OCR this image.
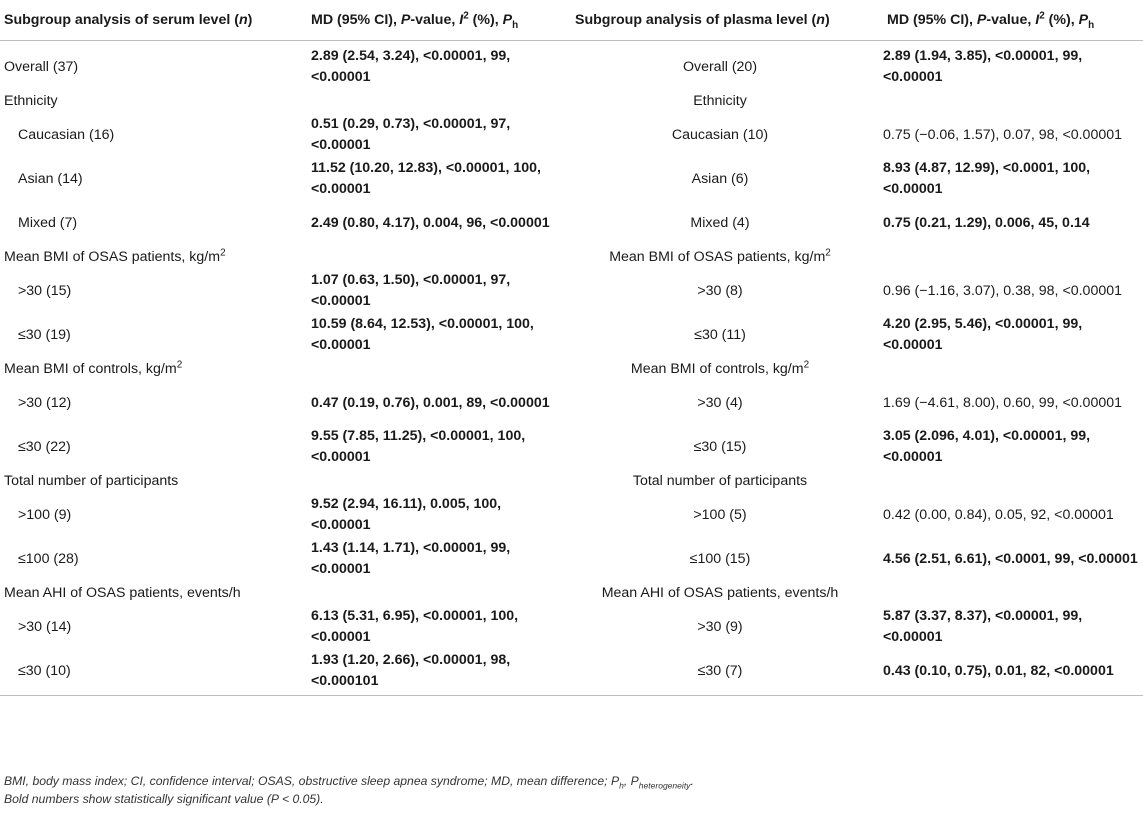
Subgroup analysis of serum level (n)	MD (95% CI), P-value, $I^2$ (%), $P_h$	Subgroup analysis of plasma level (n)	MD (95% CI), P-value, $I^2$ (%), $P_h$
Overall (37)	2.89 (2.54, 3.24), <0.00001, 99, <0.00001	Overall (20)	2.89 (1.94, 3.85), <0.00001, 99, <0.00001
Ethnicity		Ethnicity	
Caucasian (16)	0.51 (0.29, 0.73), <0.00001, 97, <0.00001	Caucasian (10)	0.75 (−0.06, 1.57), 0.07, 98, <0.00001
Asian (14)	11.52 (10.20, 12.83), <0.00001, 100, <0.00001	Asian (6)	8.93 (4.87, 12.99), <0.0001, 100, <0.00001
Mixed (7)	2.49 (0.80, 4.17), 0.004, 96, <0.00001	Mixed (4)	0.75 (0.21, 1.29), 0.006, 45, 0.14
Mean BMI of OSAS patients, $kg/m^2$		Mean BMI of OSAS patients, $kg/m^2$	
>30 (15)	1.07 (0.63, 1.50), <0.00001, 97, <0.00001	>30 (8)	0.96 (−1.16, 3.07), 0.38, 98, <0.00001
≤30 (19)	10.59 (8.64, 12.53), <0.00001, 100, <0.00001	≤30 (11)	4.20 (2.95, 5.46), <0.00001, 99, <0.00001
Mean BMI of controls, $kg/m^2$		Mean BMI of controls, $kg/m^2$	
>30 (12)	0.47 (0.19, 0.76), 0.001, 89, <0.00001	>30 (4)	1.69 (−4.61, 8.00), 0.60, 99, <0.00001
≤30 (22)	9.55 (7.85, 11.25), <0.00001, 100, <0.00001	≤30 (15)	3.05 (2.096, 4.01), <0.00001, 99, <0.00001
Total number of participants		Total number of participants	
>100 (9)	9.52 (2.94, 16.11), 0.005, 100, <0.00001	>100 (5)	0.42 (0.00, 0.84), 0.05, 92, <0.00001
≤100 (28)	1.43 (1.14, 1.71), <0.00001, 99, <0.00001	≤100 (15)	4.56 (2.51, 6.61), <0.0001, 99, <0.00001
Mean AHI of OSAS patients, events/h		Mean AHI of OSAS patients, events/h	
>30 (14)	6.13 (5.31, 6.95), <0.00001, 100, <0.00001	>30 (9)	5.87 (3.37, 8.37), <0.00001, 99, <0.00001
≤30 (10)	1.93 (1.20, 2.66), <0.00001, 98, <0.000101	≤30 (7)	0.43 (0.10, 0.75), 0.01, 82, <0.00001
BMI, body mass index; CI, confidence interval; OSAS, obstructive sleep apnea syndrome; MD, mean difference; $P_h$, $P_{heterogeneity}$.
Bold numbers show statistically significant value (P < 0.05).
